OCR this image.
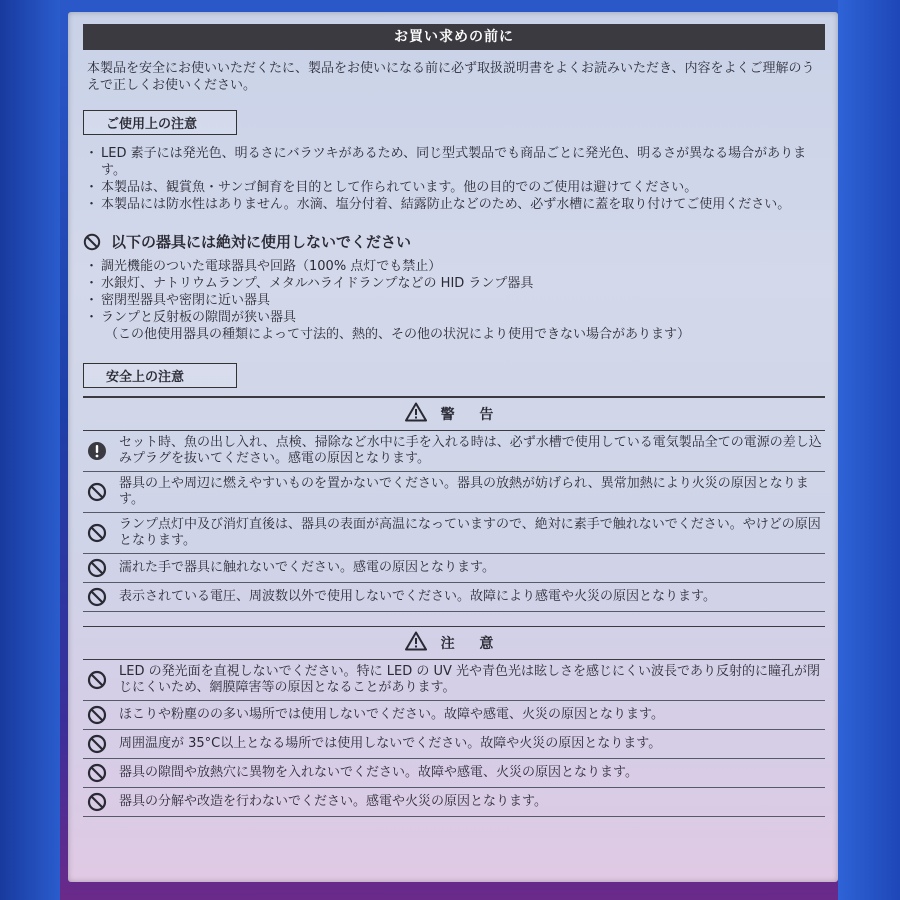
お買い求めの前に
本製品を安全にお使いいただくたに、製品をお使いになる前に必ず取扱説明書をよくお読みいただき、内容をよくご理解のうえで正しくお使いください。
ご使用上の注意
・ LED 素子には発光色、明るさにバラツキがあるため、同じ型式製品でも商品ごとに発光色、明るさが異なる場合があります。
・ 本製品は、観賞魚・サンゴ飼育を目的として作られています。他の目的でのご使用は避けてください。
・ 本製品には防水性はありません。水滴、塩分付着、結露防止などのため、必ず水槽に蓋を取り付けてご使用ください。
以下の器具には絶対に使用しないでください
・ 調光機能のついた電球器具や回路（100% 点灯でも禁止）
・ 水銀灯、ナトリウムランプ、メタルハライドランプなどの HID ランプ器具
・ 密閉型器具や密閉に近い器具
・ ランプと反射板の隙間が狭い器具
（この他使用器具の種類によって寸法的、熱的、その他の状況により使用できない場合があります）
安全上の注意
警 告
セット時、魚の出し入れ、点検、掃除など水中に手を入れる時は、必ず水槽で使用している電気製品全ての電源の差し込みプラグを抜いてください。感電の原因となります。
器具の上や周辺に燃えやすいものを置かないでください。器具の放熱が妨げられ、異常加熱により火災の原因となります。
ランプ点灯中及び消灯直後は、器具の表面が高温になっていますので、絶対に素手で触れないでください。やけどの原因となります。
濡れた手で器具に触れないでください。感電の原因となります。
表示されている電圧、周波数以外で使用しないでください。故障により感電や火災の原因となります。
注 意
LED の発光面を直視しないでください。特に LED の UV 光や青色光は眩しさを感じにくい波長であり反射的に瞳孔が閉じにくいため、網膜障害等の原因となることがあります。
ほこりや粉塵のの多い場所では使用しないでください。故障や感電、火災の原因となります。
周囲温度が 35°C以上となる場所では使用しないでください。故障や火災の原因となります。
器具の隙間や放熱穴に異物を入れないでください。故障や感電、火災の原因となります。
器具の分解や改造を行わないでください。感電や火災の原因となります。
